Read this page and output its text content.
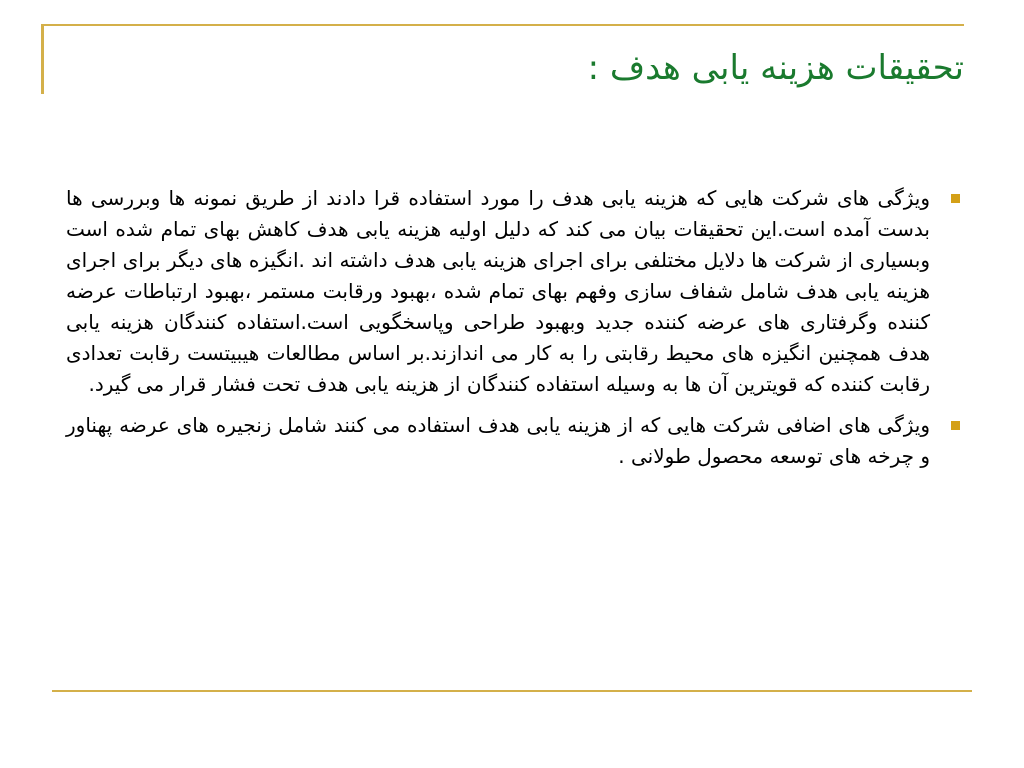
تحقیقات هزینه یابی هدف :
ویژگی های شرکت هایی که هزینه یابی هدف را مورد استفاده قرا دادند از طریق نمونه ها وبررسی ها بدست آمده است.این تحقیقات بیان می کند که دلیل اولیه هزینه یابی هدف کاهش بهای تمام شده است وبسیاری از شرکت ها دلایل مختلفی برای اجرای هزینه یابی هدف داشته اند .انگیزه های دیگر برای اجرای هزینه یابی هدف شامل شفاف سازی وفهم بهای تمام شده ،بهبود ورقابت مستمر ،بهبود ارتباطات عرضه کننده وگرفتاری های عرضه کننده جدید وبهبود طراحی وپاسخگویی است.استفاده کنندگان هزینه یابی هدف همچنین انگیزه های محیط رقابتی را به کار می اندازند.بر اساس مطالعات هیبیتست رقابت تعدادی رقابت کننده که قویترین آن ها به وسیله استفاده کنندگان از هزینه یابی هدف تحت فشار قرار می گیرد.
ویژگی های اضافی شرکت هایی که از هزینه یابی هدف استفاده می کنند شامل زنجیره های عرضه پهناور و چرخه های توسعه محصول طولانی .
